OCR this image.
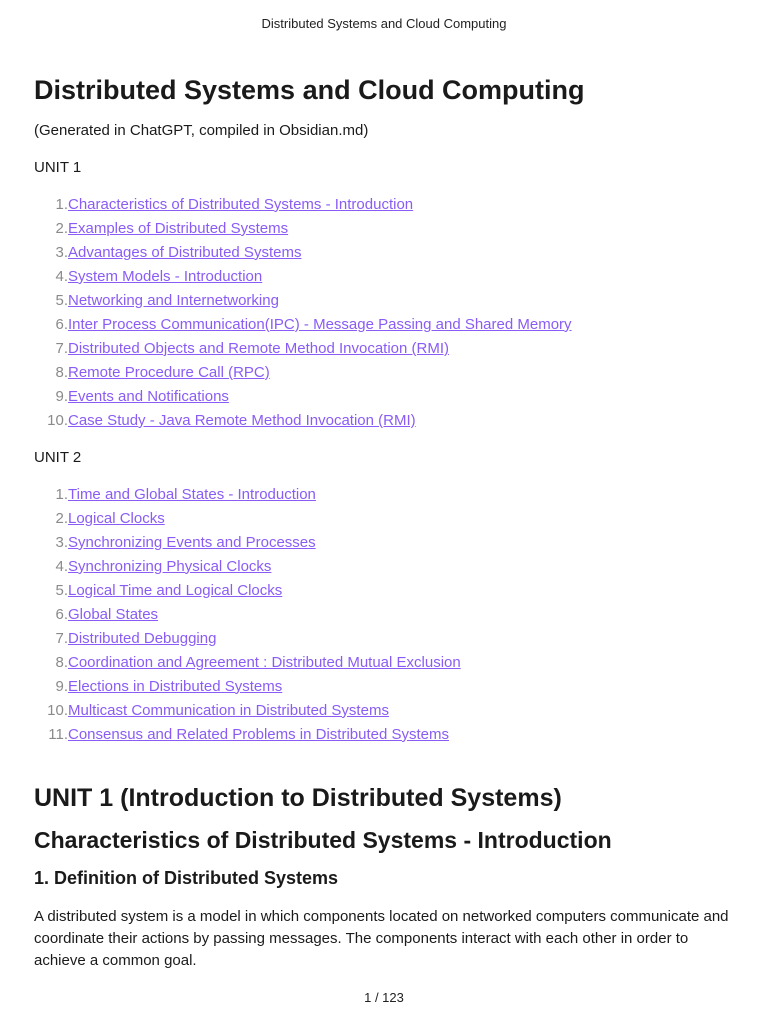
Distributed Systems and Cloud Computing
Distributed Systems and Cloud Computing

(Generated in ChatGPT, compiled in Obsidian.md)

UNIT 1

1. Characteristics of Distributed Systems - Introduction
2. Examples of Distributed Systems
3. Advantages of Distributed Systems
4. System Models - Introduction
5. Networking and Internetworking
6. Inter Process Communication(IPC) - Message Passing and Shared Memory
7. Distributed Objects and Remote Method Invocation (RMI)
8. Remote Procedure Call (RPC)
9. Events and Notifications
10. Case Study - Java Remote Method Invocation (RMI)

UNIT 2

1. Time and Global States - Introduction
2. Logical Clocks
3. Synchronizing Events and Processes
4. Synchronizing Physical Clocks
5. Logical Time and Logical Clocks
6. Global States
7. Distributed Debugging
8. Coordination and Agreement : Distributed Mutual Exclusion
9. Elections in Distributed Systems
10. Multicast Communication in Distributed Systems
11. Consensus and Related Problems in Distributed Systems
UNIT 1 (Introduction to Distributed Systems)
Characteristics of Distributed Systems - Introduction
1. Definition of Distributed Systems

A distributed system is a model in which components located on networked computers communicate and coordinate their actions by passing messages. The components interact with each other in order to achieve a common goal.

1 / 123
